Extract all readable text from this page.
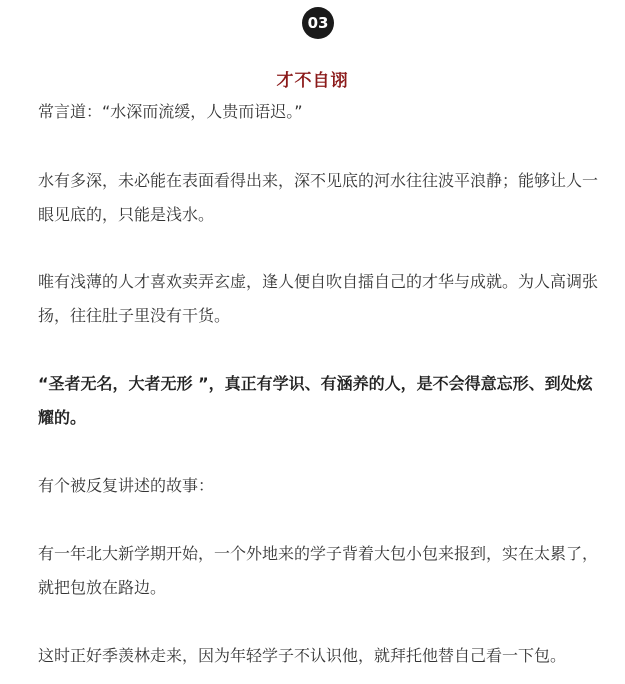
03
才不自诩

常言道：“水深而流缓，人贵而语迟。”

水有多深，未必能在表面看得出来，深不见底的河水往往波平浪静；能够让人一眼见底的，只能是浅水。

唯有浅薄的人才喜欢卖弄玄虚，逢人便自吹自擂自己的才华与成就。为人高调张扬，往往肚子里没有干货。

“圣者无名，大者无形 ”，真正有学识、有涵养的人，是不会得意忘形、到处炫耀的。

有个被反复讲述的故事：

有一年北大新学期开始，一个外地来的学子背着大包小包来报到，实在太累了，就把包放在路边。

这时正好季羡林走来，因为年轻学子不认识他，就拜托他替自己看一下包。
